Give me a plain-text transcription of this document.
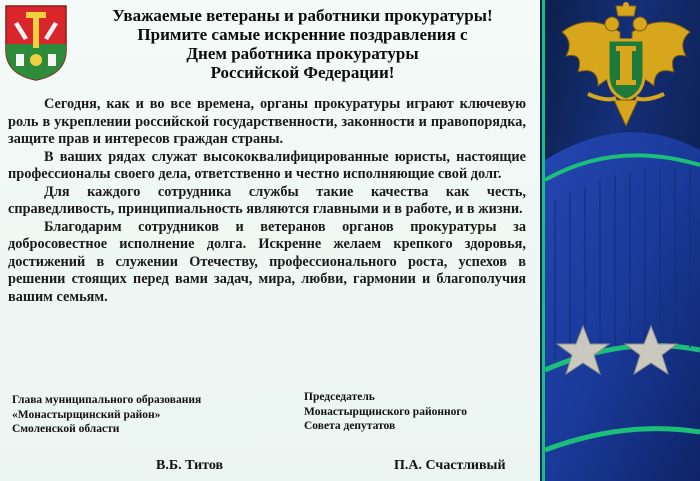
Уважаемые ветераны и работники прокуратуры!
Примите самые искренние поздравления с
Днем работника прокуратуры
Российской Федерации!

Сегодня, как и во все времена, органы прокуратуры играют ключевую роль в укреплении российской государственности, законности и правопорядка, защите прав и интересов граждан страны.

В ваших рядах служат высококвалифицированные юристы, настоящие профессионалы своего дела, ответственно и честно исполняющие свой долг.

Для каждого сотрудника службы такие качества как честь, справедливость, принципиальность являются главными и в работе, и в жизни.

Благодарим сотрудников и ветеранов органов прокуратуры за добросовестное исполнение долга. Искренне желаем крепкого здоровья, достижений в служении Отечеству, профессионального роста, успехов в решении стоящих перед вами задач, мира, любви, гармонии и благополучия вашим семьям.

Глава муниципального образования
«Монастырщинский район»
Смоленской области
Председатель
Монастырщинского районного
Совета депутатов
В.Б. Титов	П.А. Счастливый
